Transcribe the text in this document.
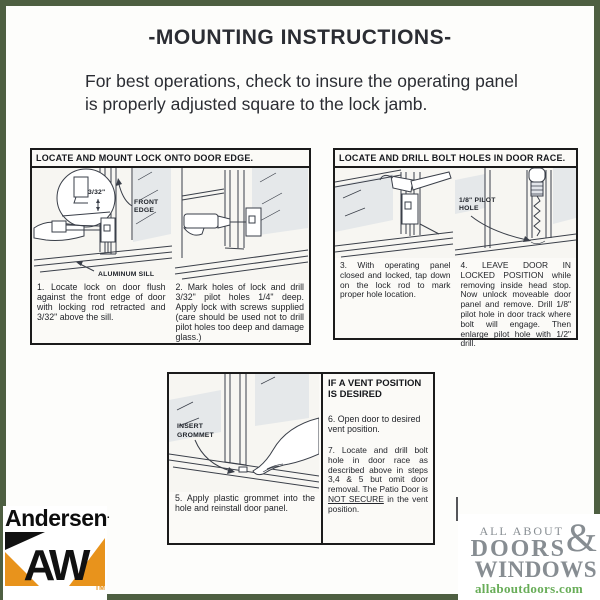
-MOUNTING INSTRUCTIONS-
For best operations, check to insure the operating panel
is properly adjusted square to the lock jamb.
LOCATE AND MOUNT LOCK ONTO DOOR EDGE.
3/32"
FRONT
EDGE
ALUMINUM SILL
1. Locate lock on door flush against the front edge of door with locking rod retracted and 3/32" above the sill.
2. Mark holes of lock and drill 3/32" pilot holes 1/4" deep. Apply lock with screws supplied (care should be used not to drill pilot holes too deep and damage glass.)
LOCATE AND DRILL BOLT HOLES IN DOOR RACE.
1/8" PILOT
HOLE
3. With operating panel closed and locked, tap down on the lock rod to mark proper hole location.
4. LEAVE DOOR IN LOCKED POSITION while removing inside head stop. Now unlock moveable door panel and remove. Drill 1/8" pilot hole in door track where bolt will engage. Then enlarge pilot hole with 1/2" drill.
INSERT
GROMMET
5. Apply plastic grommet into the hole and reinstall door panel.
IF A VENT POSITION IS DESIRED
6. Open door to desired vent position.
7. Locate and drill bolt hole in door race as described above in steps 3,4 & 5 but omit door removal. The Patio Door is NOT SECURE in the vent position.
Andersen▪
AW	TM
&
ALL ABOUT
DOORS
WINDOWS
allaboutdoors.com
